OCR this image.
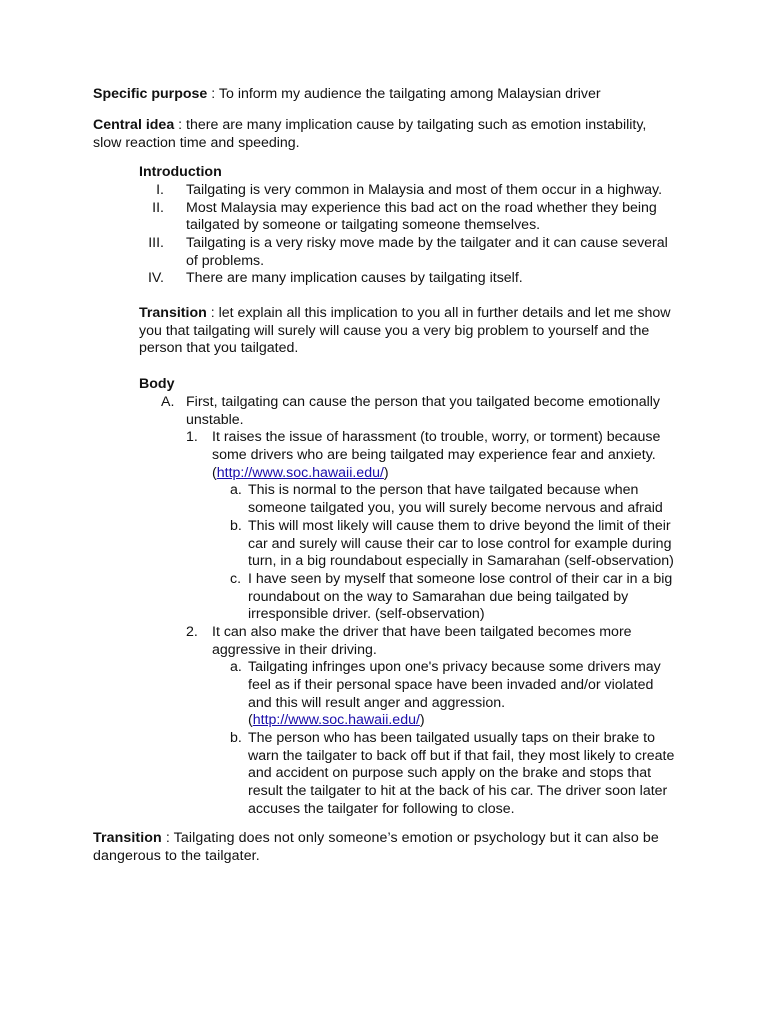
Specific purpose : To inform my audience the tailgating among Malaysian driver
Central idea : there are many implication cause by tailgating such as emotion instability,
slow reaction time and speeding.
Introduction
I. Tailgating is very common in Malaysia and most of them occur in a highway.
II. Most Malaysia may experience this bad act on the road whether they being
tailgated by someone or tailgating someone themselves.
III. Tailgating is a very risky move made by the tailgater and it can cause several
of problems.
IV. There are many implication causes by tailgating itself.
Transition : let explain all this implication to you all in further details and let me show
you that tailgating will surely will cause you a very big problem to yourself and the
person that you tailgated.
Body
A. First, tailgating can cause the person that you tailgated become emotionally
unstable.
1. It raises the issue of harassment (to trouble, worry, or torment) because
some drivers who are being tailgated may experience fear and anxiety.
(http://www.soc.hawaii.edu/)
a. This is normal to the person that have tailgated because when
someone tailgated you, you will surely become nervous and afraid
b. This will most likely will cause them to drive beyond the limit of their
car and surely will cause their car to lose control for example during
turn, in a big roundabout especially in Samarahan (self-observation)
c. I have seen by myself that someone lose control of their car in a big
roundabout on the way to Samarahan due being tailgated by
irresponsible driver. (self-observation)
2. It can also make the driver that have been tailgated becomes more
aggressive in their driving.
a. Tailgating infringes upon one's privacy because some drivers may
feel as if their personal space have been invaded and/or violated
and this will result anger and aggression.
(http://www.soc.hawaii.edu/)
b. The person who has been tailgated usually taps on their brake to
warn the tailgater to back off but if that fail, they most likely to create
and accident on purpose such apply on the brake and stops that
result the tailgater to hit at the back of his car. The driver soon later
accuses the tailgater for following to close.
Transition : Tailgating does not only someone’s emotion or psychology but it can also be
dangerous to the tailgater.
